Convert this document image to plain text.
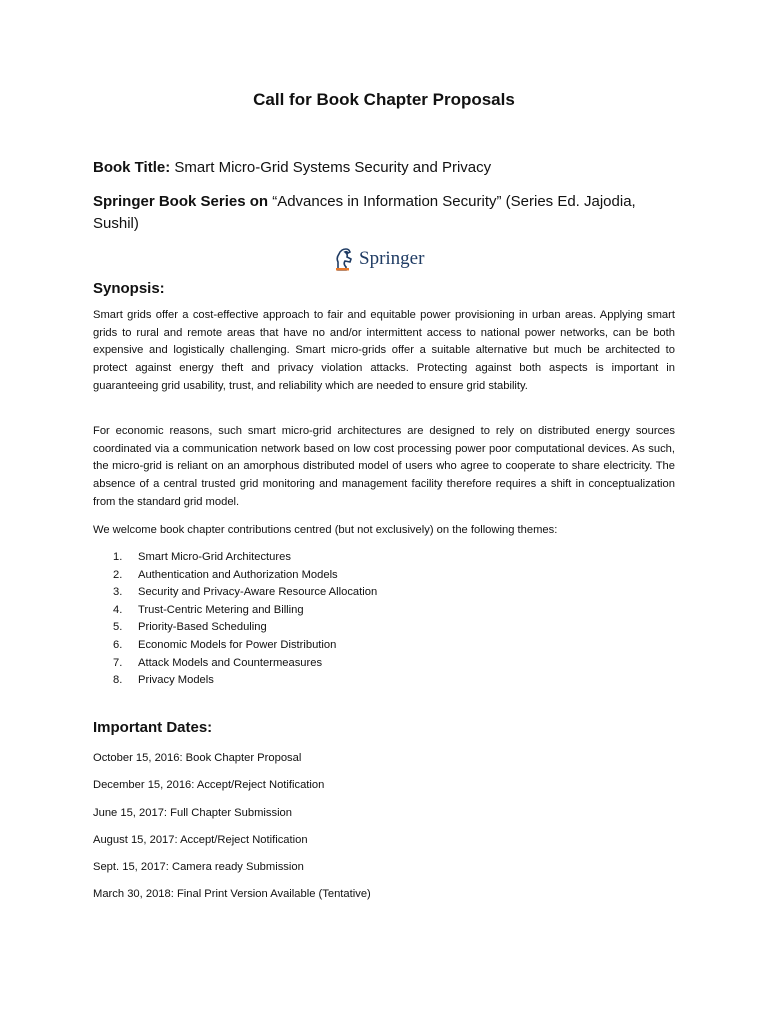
Call for Book Chapter Proposals
Book Title: Smart Micro-Grid Systems Security and Privacy
Springer Book Series on “Advances in Information Security” (Series Ed. Jajodia,
Sushil)
Springer
Synopsis:

Smart grids offer a cost-effective approach to fair and equitable power provisioning in urban areas. Applying smart grids to rural and remote areas that have no and/or intermittent access to national power networks, can be both expensive and logistically challenging. Smart micro-grids offer a suitable alternative but much be architected to protect against energy theft and privacy violation attacks. Protecting against both aspects is important in guaranteeing grid usability, trust, and reliability which are needed to ensure grid stability.

For economic reasons, such smart micro-grid architectures are designed to rely on distributed energy sources coordinated via a communication network based on low cost processing power poor computational devices. As such, the micro-grid is reliant on an amorphous distributed model of users who agree to cooperate to share electricity. The absence of a central trusted grid monitoring and management facility therefore requires a shift in conceptualization from the standard grid model.

We welcome book chapter contributions centred (but not exclusively) on the following themes:
1.	Smart Micro-Grid Architectures
2.	Authentication and Authorization Models
3.	Security and Privacy-Aware Resource Allocation
4.	Trust-Centric Metering and Billing
5.	Priority-Based Scheduling
6.	Economic Models for Power Distribution
7.	Attack Models and Countermeasures
8.	Privacy Models
Important Dates:
October 15, 2016: Book Chapter Proposal
December 15, 2016: Accept/Reject Notification
June 15, 2017: Full Chapter Submission
August 15, 2017: Accept/Reject Notification
Sept. 15, 2017: Camera ready Submission
March 30, 2018: Final Print Version Available (Tentative)
